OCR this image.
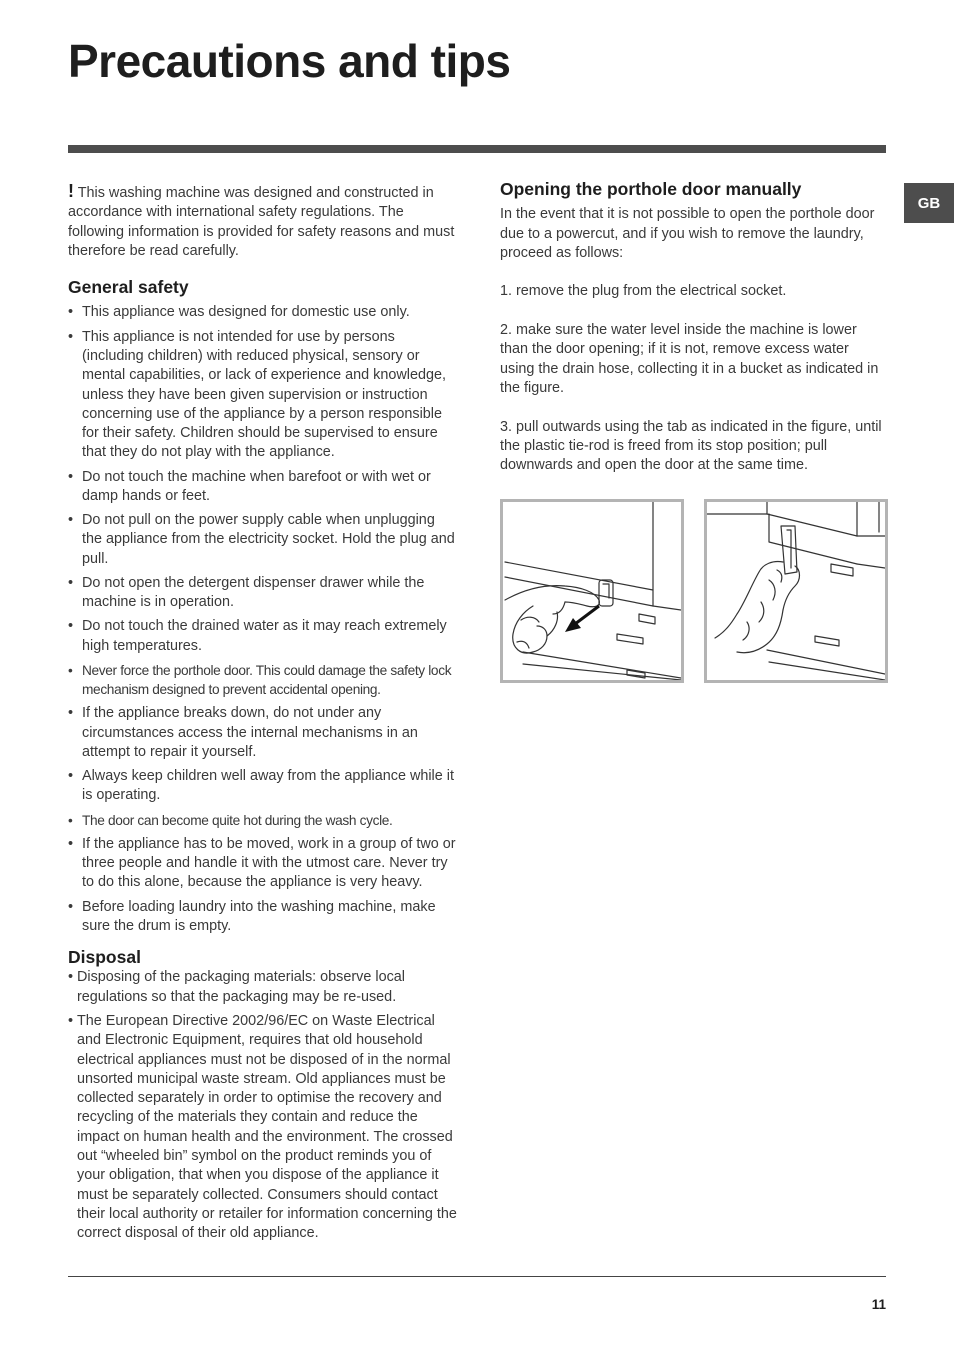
Precautions and tips
GB

! This washing machine was designed and constructed in accordance with international safety regulations. The following information is provided for safety reasons and must therefore be read carefully.

General safety
• This appliance was designed for domestic use only.
• This appliance is not intended for use by persons (including children) with reduced physical, sensory or mental capabilities, or lack of experience and knowledge, unless they have been given supervision or instruction concerning use of the appliance by a person responsible for their safety. Children should be supervised to ensure that they do not play with the appliance.
• Do not touch the machine when barefoot or with wet or damp hands or feet.
• Do not pull on the power supply cable when unplugging the appliance from the electricity socket. Hold the plug and pull.
• Do not open the detergent dispenser drawer while the machine is in operation.
• Do not touch the drained water as it may reach extremely high temperatures.
• Never force the porthole door. This could damage the safety lock mechanism designed to prevent accidental opening.
• If the appliance breaks down, do not under any circumstances access the internal mechanisms in an attempt to repair it yourself.
• Always keep children well away from the appliance while it is operating.
• The door can become quite hot during the wash cycle.
• If the appliance has to be moved, work in a group of two or three people and handle it with the utmost care. Never try to do this alone, because the appliance is very heavy.
• Before loading laundry into the washing machine, make sure the drum is empty.
Disposal
• Disposing of the packaging materials: observe local regulations so that the packaging may be re-used.
• The European Directive 2002/96/EC on Waste Electrical and Electronic Equipment, requires that old household electrical appliances must not be disposed of in the normal unsorted municipal waste stream. Old appliances must be collected separately in order to optimise the recovery and recycling of the materials they contain and reduce the impact on human health and the environment. The crossed out “wheeled bin” symbol on the product reminds you of your obligation, that when you dispose of the appliance it must be separately collected. Consumers should contact their local authority or retailer for information concerning the correct disposal of their old appliance.
Opening the porthole door manually

In the event that it is not possible to open the porthole door due to a powercut, and if you wish to remove the laundry, proceed as follows:

1. remove the plug from the electrical socket.

2. make sure the water level inside the machine is lower than the door opening; if it is not, remove excess water using the drain hose, collecting it in a bucket as indicated in the figure.

3. pull outwards using the tab as indicated in the figure, until the plastic tie-rod is freed from its stop position; pull downwards and open the door at the same time.

11
